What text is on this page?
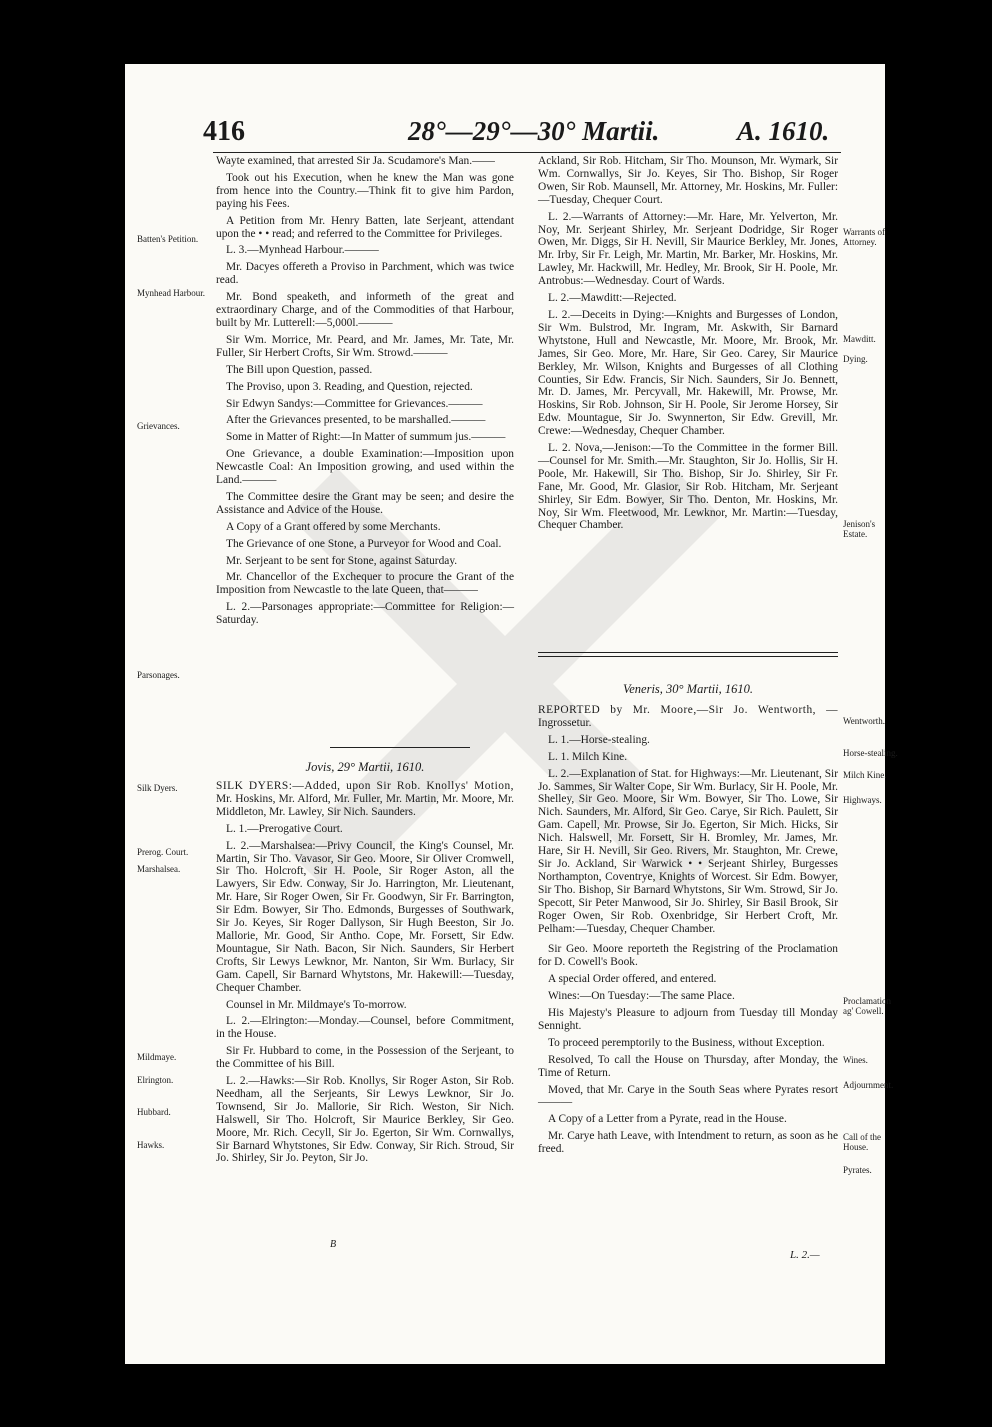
416	28°—29°—30° Martii.	A. 1610.

Wayte examined, that arrested Sir Ja. Scudamore's Man.——

Took out his Execution, when he knew the Man was gone from hence into the Country.—Think fit to give him Pardon, paying his Fees.

A Petition from Mr. Henry Batten, late Serjeant, attendant upon the • • read; and referred to the Committee for Privileges.

L. 3.—Mynhead Harbour.———

Mr. Dacyes offereth a Proviso in Parchment, which was twice read.

Mr. Bond speaketh, and informeth of the great and extraordinary Charge, and of the Commodities of that Harbour, built by Mr. Lutterell:—5,000l.———

Sir Wm. Morrice, Mr. Peard, and Mr. James, Mr. Tate, Mr. Fuller, Sir Herbert Crofts, Sir Wm. Strowd.———

The Bill upon Question, passed.

The Proviso, upon 3. Reading, and Question, rejected.

Sir Edwyn Sandys:—Committee for Grievances.———

After the Grievances presented, to be marshalled.———

Some in Matter of Right:—In Matter of summum jus.———

One Grievance, a double Examination:—Imposition upon Newcastle Coal: An Imposition growing, and used within the Land.———

The Committee desire the Grant may be seen; and desire the Assistance and Advice of the House.

A Copy of a Grant offered by some Merchants.

The Grievance of one Stone, a Purveyor for Wood and Coal.

Mr. Serjeant to be sent for Stone, against Saturday.

Mr. Chancellor of the Exchequer to procure the Grant of the Imposition from Newcastle to the late Queen, that———

L. 2.—Parsonages appropriate:—Committee for Religion:—Saturday.

Jovis, 29° Martii, 1610.

SILK DYERS:—Added, upon Sir Rob. Knollys' Motion, Mr. Hoskins, Mr. Alford, Mr. Fuller, Mr. Martin, Mr. Moore, Mr. Middleton, Mr. Lawley, Sir Nich. Saunders.

L. 1.—Prerogative Court.

L. 2.—Marshalsea:—Privy Council, the King's Counsel, Mr. Martin, Sir Tho. Vavasor, Sir Geo. Moore, Sir Oliver Cromwell, Sir Tho. Holcroft, Sir H. Poole, Sir Roger Aston, all the Lawyers, Sir Edw. Conway, Sir Jo. Harrington, Mr. Lieutenant, Mr. Hare, Sir Roger Owen, Sir Fr. Goodwyn, Sir Fr. Barrington, Sir Edm. Bowyer, Sir Tho. Edmonds, Burgesses of Southwark, Sir Jo. Keyes, Sir Roger Dallyson, Sir Hugh Beeston, Sir Jo. Mallorie, Mr. Good, Sir Antho. Cope, Mr. Forsett, Sir Edw. Mountague, Sir Nath. Bacon, Sir Nich. Saunders, Sir Herbert Crofts, Sir Lewys Lewknor, Mr. Nanton, Sir Wm. Burlacy, Sir Gam. Capell, Sir Barnard Whytstons, Mr. Hakewill:—Tuesday, Chequer Chamber.

Counsel in Mr. Mildmaye's To-morrow.

L. 2.—Elrington:—Monday.—Counsel, before Commitment, in the House.

Sir Fr. Hubbard to come, in the Possession of the Serjeant, to the Committee of his Bill.

L. 2.—Hawks:—Sir Rob. Knollys, Sir Roger Aston, Sir Rob. Needham, all the Serjeants, Sir Lewys Lewknor, Sir Jo. Townsend, Sir Jo. Mallorie, Sir Rich. Weston, Sir Nich. Halswell, Sir Tho. Holcroft, Sir Maurice Berkley, Sir Geo. Moore, Mr. Rich. Cecyll, Sir Jo. Egerton, Sir Wm. Cornwallys, Sir Barnard Whytstones, Sir Edw. Conway, Sir Rich. Stroud, Sir Jo. Shirley, Sir Jo. Peyton, Sir Jo.

Batten's Petition.
Mynhead Harbour.
Grievances.
Parsonages.
Silk Dyers.
Prerog. Court.
Marshalsea.
Mildmaye.
Elrington.
Hubbard.
Hawks.

Ackland, Sir Rob. Hitcham, Sir Tho. Mounson, Mr. Wymark, Sir Wm. Cornwallys, Sir Jo. Keyes, Sir Tho. Bishop, Sir Roger Owen, Sir Rob. Maunsell, Mr. Attorney, Mr. Hoskins, Mr. Fuller:—Tuesday, Chequer Court.

L. 2.—Warrants of Attorney:—Mr. Hare, Mr. Yelverton, Mr. Noy, Mr. Serjeant Shirley, Mr. Serjeant Dodridge, Sir Roger Owen, Mr. Diggs, Sir H. Nevill, Sir Maurice Berkley, Mr. Jones, Mr. Irby, Sir Fr. Leigh, Mr. Martin, Mr. Barker, Mr. Hoskins, Mr. Lawley, Mr. Hackwill, Mr. Hedley, Mr. Brook, Sir H. Poole, Mr. Antrobus:—Wednesday. Court of Wards.

L. 2.—Mawditt:—Rejected.

L. 2.—Deceits in Dying:—Knights and Burgesses of London, Sir Wm. Bulstrod, Mr. Ingram, Mr. Askwith, Sir Barnard Whytstone, Hull and Newcastle, Mr. Moore, Mr. Brook, Mr. James, Sir Geo. More, Mr. Hare, Sir Geo. Carey, Sir Maurice Berkley, Mr. Wilson, Knights and Burgesses of all Clothing Counties, Sir Edw. Francis, Sir Nich. Saunders, Sir Jo. Bennett, Mr. D. James, Mr. Percyvall, Mr. Hakewill, Mr. Prowse, Mr. Hoskins, Sir Rob. Johnson, Sir H. Poole, Sir Jerome Horsey, Sir Edw. Mountague, Sir Jo. Swynnerton, Sir Edw. Grevill, Mr. Crewe:—Wednesday, Chequer Chamber.

L. 2. Nova,—Jenison:—To the Committee in the former Bill.—Counsel for Mr. Smith.—Mr. Staughton, Sir Jo. Hollis, Sir H. Poole, Mr. Hakewill, Sir Tho. Bishop, Sir Jo. Shirley, Sir Fr. Fane, Mr. Good, Mr. Glasior, Sir Rob. Hitcham, Mr. Serjeant Shirley, Sir Edm. Bowyer, Sir Tho. Denton, Mr. Hoskins, Mr. Noy, Sir Wm. Fleetwood, Mr. Lewknor, Mr. Martin:—Tuesday, Chequer Chamber.

Veneris, 30° Martii, 1610.

REPORTED by Mr. Moore,—Sir Jo. Wentworth, —Ingrossetur.

L. 1.—Horse-stealing.

L. 1. Milch Kine.

L. 2.—Explanation of Stat. for Highways:—Mr. Lieutenant, Sir Jo. Sammes, Sir Walter Cope, Sir Wm. Burlacy, Sir H. Poole, Mr. Shelley, Sir Geo. Moore, Sir Wm. Bowyer, Sir Tho. Lowe, Sir Nich. Saunders, Mr. Alford, Sir Geo. Carye, Sir Rich. Paulett, Sir Gam. Capell, Mr. Prowse, Sir Jo. Egerton, Sir Mich. Hicks, Sir Nich. Halswell, Mr. Forsett, Sir H. Bromley, Mr. James, Mr. Hare, Sir H. Nevill, Sir Geo. Rivers, Mr. Staughton, Mr. Crewe, Sir Jo. Ackland, Sir Warwick • • Serjeant Shirley, Burgesses Northampton, Coventrye, Knights of Worcest. Sir Edm. Bowyer, Sir Tho. Bishop, Sir Barnard Whytstons, Sir Wm. Strowd, Sir Jo. Specott, Sir Peter Manwood, Sir Jo. Shirley, Sir Basil Brook, Sir Roger Owen, Sir Rob. Oxenbridge, Sir Herbert Croft, Mr. Pelham:—Tuesday, Chequer Chamber.

Sir Geo. Moore reporteth the Registring of the Proclamation for D. Cowell's Book.

A special Order offered, and entered.

Wines:—On Tuesday:—The same Place.

His Majesty's Pleasure to adjourn from Tuesday till Monday Sennight.

To proceed peremptorily to the Business, without Exception.

Resolved, To call the House on Thursday, after Monday, the Time of Return.

Moved, that Mr. Carye in the South Seas where Pyrates resort———

A Copy of a Letter from a Pyrate, read in the House.

Mr. Carye hath Leave, with Intendment to return, as soon as he freed.

Warrants of Attorney.
Mawditt.
Dying.
Jenison's Estate.
Wentworth.
Horse-stealing.
Milch Kine.
Highways.
Proclamation ag' Cowell.
Wines.
Adjournment.
Call of the House.
Pyrates.
B
L. 2.—
